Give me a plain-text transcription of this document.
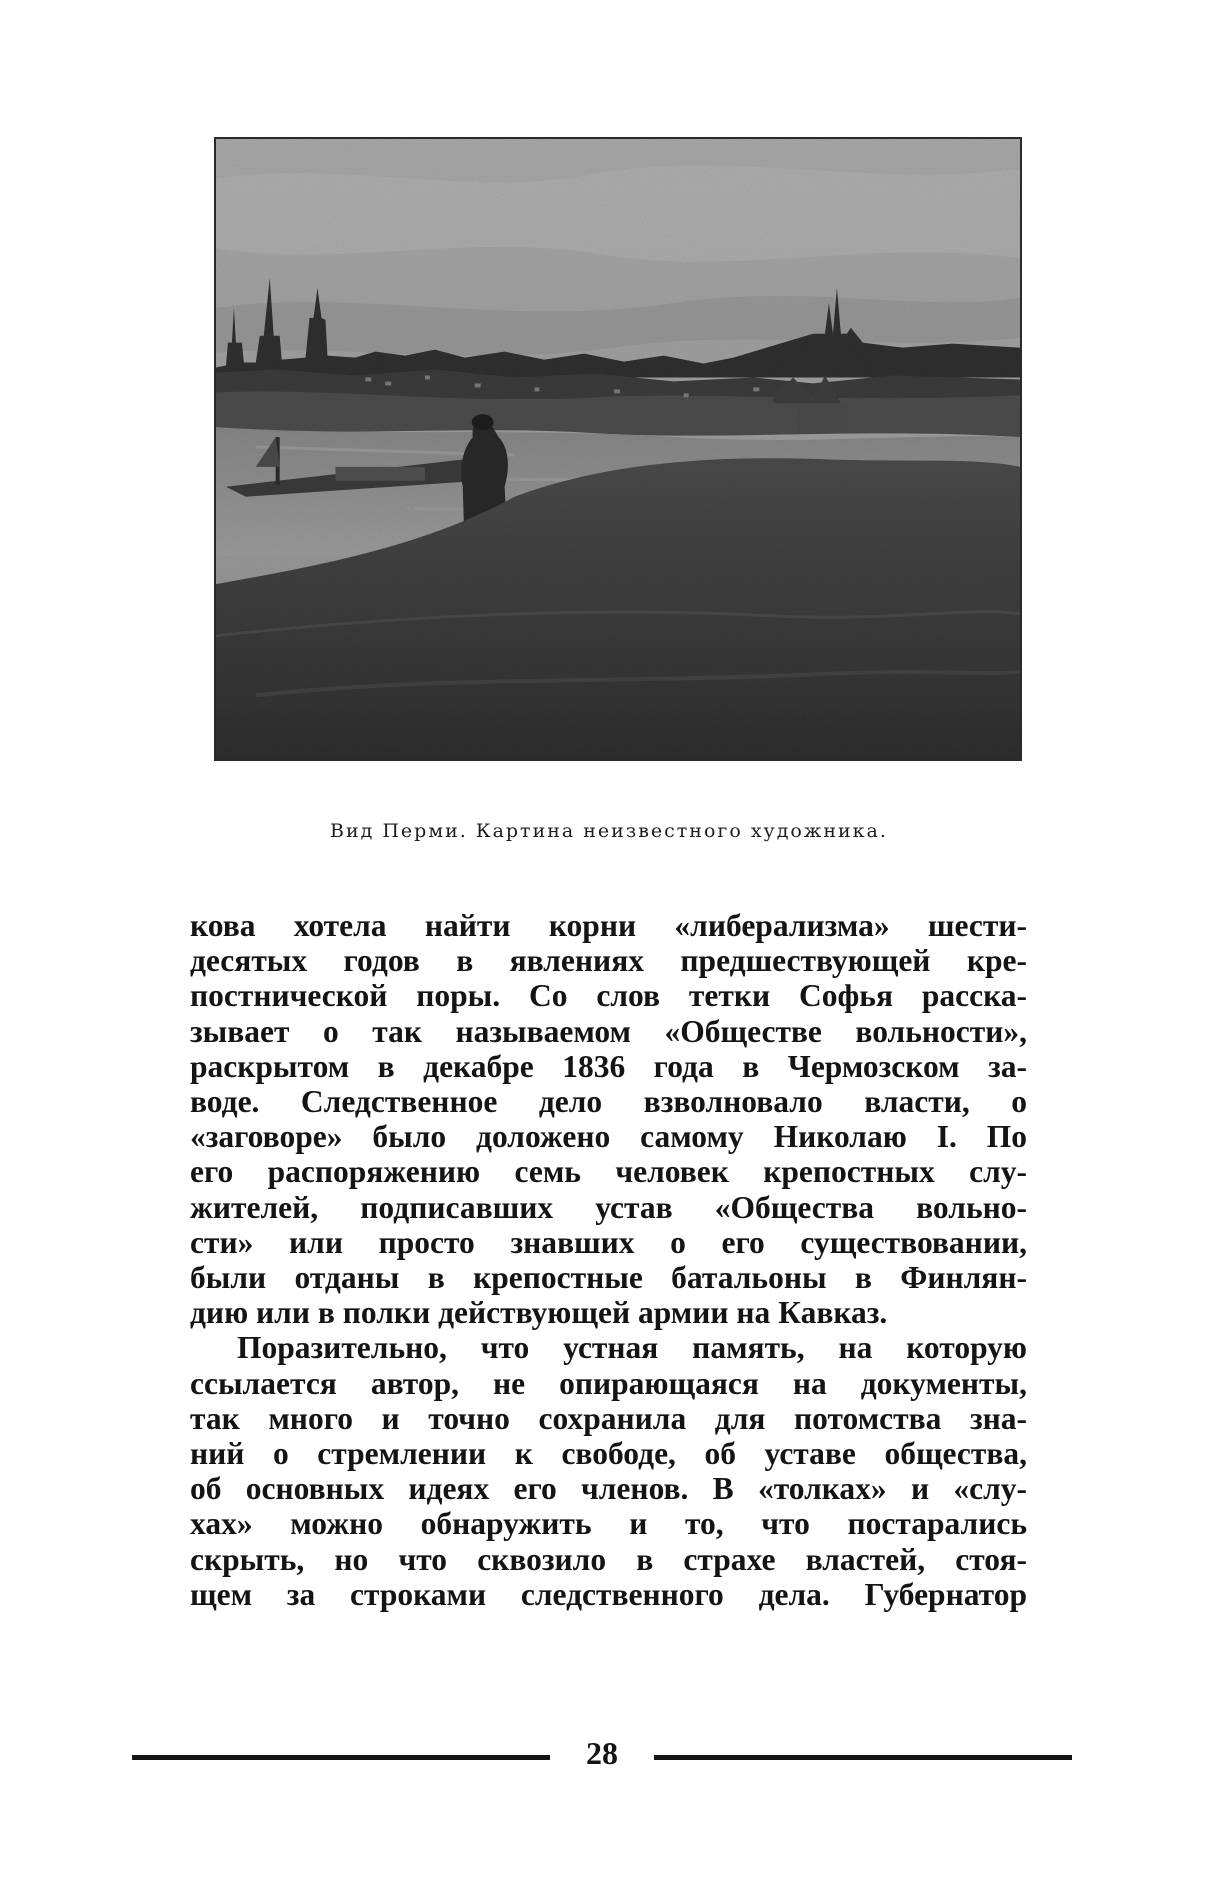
Вид Перми. Картина неизвестного художника.
кова хотела найти корни «либерализма» шести-
десятых годов в явлениях предшествующей кре-
постнической поры. Со слов тетки Софья расска-
зывает о так называемом «Обществе вольности»,
раскрытом в декабре 1836 года в Чермозском за-
воде. Следственное дело взволновало власти, о
«заговоре» было доложено самому Николаю I. По
его распоряжению семь человек крепостных слу-
жителей, подписавших устав «Общества вольно-
сти» или просто знавших о его существовании,
были отданы в крепостные батальоны в Финлян-
дию или в полки действующей армии на Кавказ.
Поразительно, что устная память, на которую
ссылается автор, не опирающаяся на документы,
так много и точно сохранила для потомства зна-
ний о стремлении к свободе, об уставе общества,
об основных идеях его членов. В «толках» и «слу-
хах» можно обнаружить и то, что постарались
скрыть, но что сквозило в страхе властей, стоя-
щем за строками следственного дела. Губернатор
28
